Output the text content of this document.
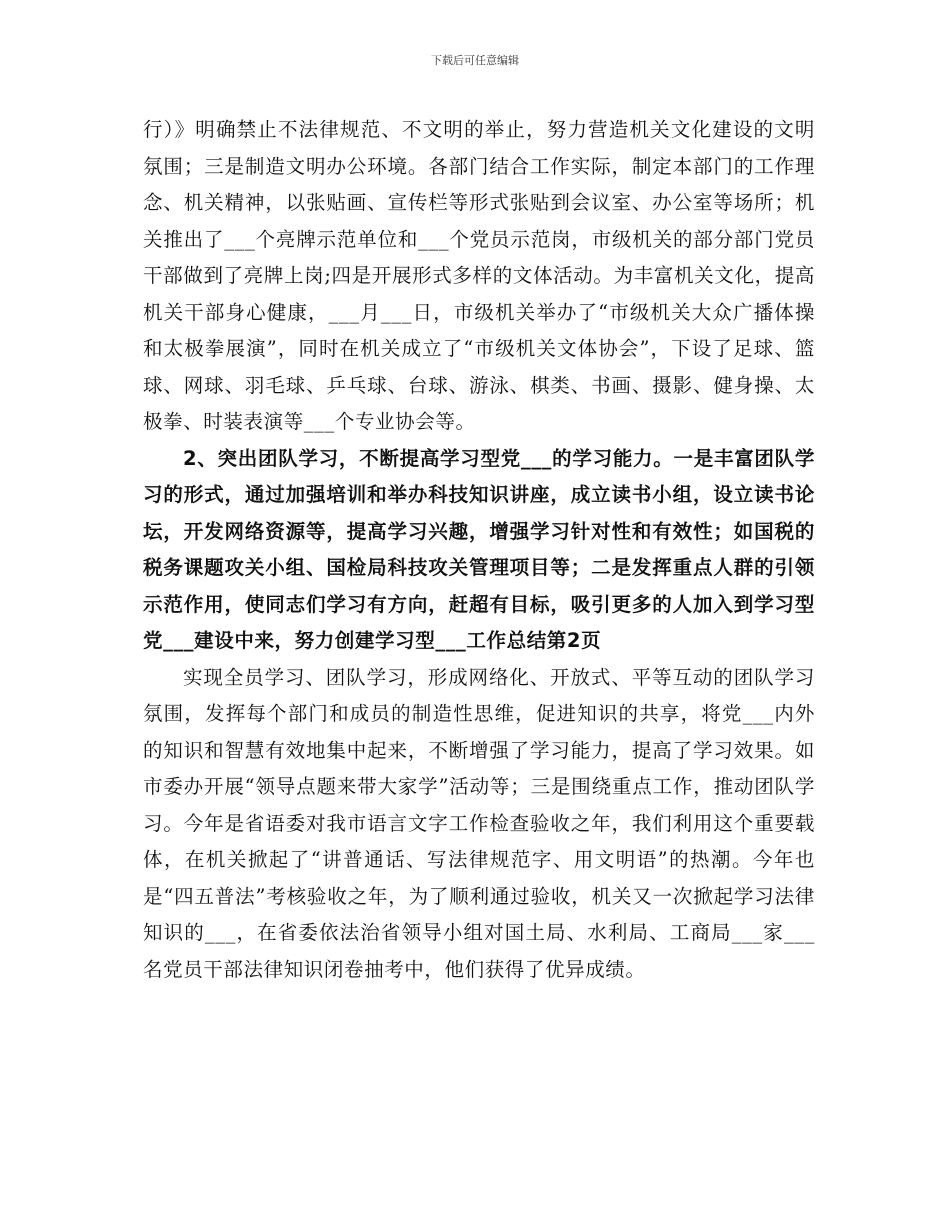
下载后可任意编辑

行）》明确禁止不法律规范、不文明的举止，努力营造机关文化建设的文明氛围；三是制造文明办公环境。各部门结合工作实际，制定本部门的工作理念、机关精神，以张贴画、宣传栏等形式张贴到会议室、办公室等场所；机关推出了___个亮牌示范单位和___个党员示范岗，市级机关的部分部门党员干部做到了亮牌上岗;四是开展形式多样的文体活动。为丰富机关文化，提高机关干部身心健康，___月___日，市级机关举办了“市级机关大众广播体操和太极拳展演”，同时在机关成立了“市级机关文体协会”，下设了足球、篮球、网球、羽毛球、乒乓球、台球、游泳、棋类、书画、摄影、健身操、太极拳、时装表演等___个专业协会等。

2、突出团队学习，不断提高学习型党___的学习能力。一是丰富团队学习的形式，通过加强培训和举办科技知识讲座，成立读书小组，设立读书论坛，开发网络资源等，提高学习兴趣，增强学习针对性和有效性；如国税的税务课题攻关小组、国检局科技攻关管理项目等；二是发挥重点人群的引领示范作用，使同志们学习有方向，赶超有目标，吸引更多的人加入到学习型党___建设中来，努力创建学习型___工作总结第2页

实现全员学习、团队学习，形成网络化、开放式、平等互动的团队学习氛围，发挥每个部门和成员的制造性思维，促进知识的共享，将党___内外的知识和智慧有效地集中起来，不断增强了学习能力，提高了学习效果。如市委办开展“领导点题来带大家学”活动等；三是围绕重点工作，推动团队学习。今年是省语委对我市语言文字工作检查验收之年，我们利用这个重要载体，在机关掀起了“讲普通话、写法律规范字、用文明语”的热潮。今年也是“四五普法”考核验收之年，为了顺利通过验收，机关又一次掀起学习法律知识的___，在省委依法治省领导小组对国土局、水利局、工商局___家___名党员干部法律知识闭卷抽考中，他们获得了优异成绩。
